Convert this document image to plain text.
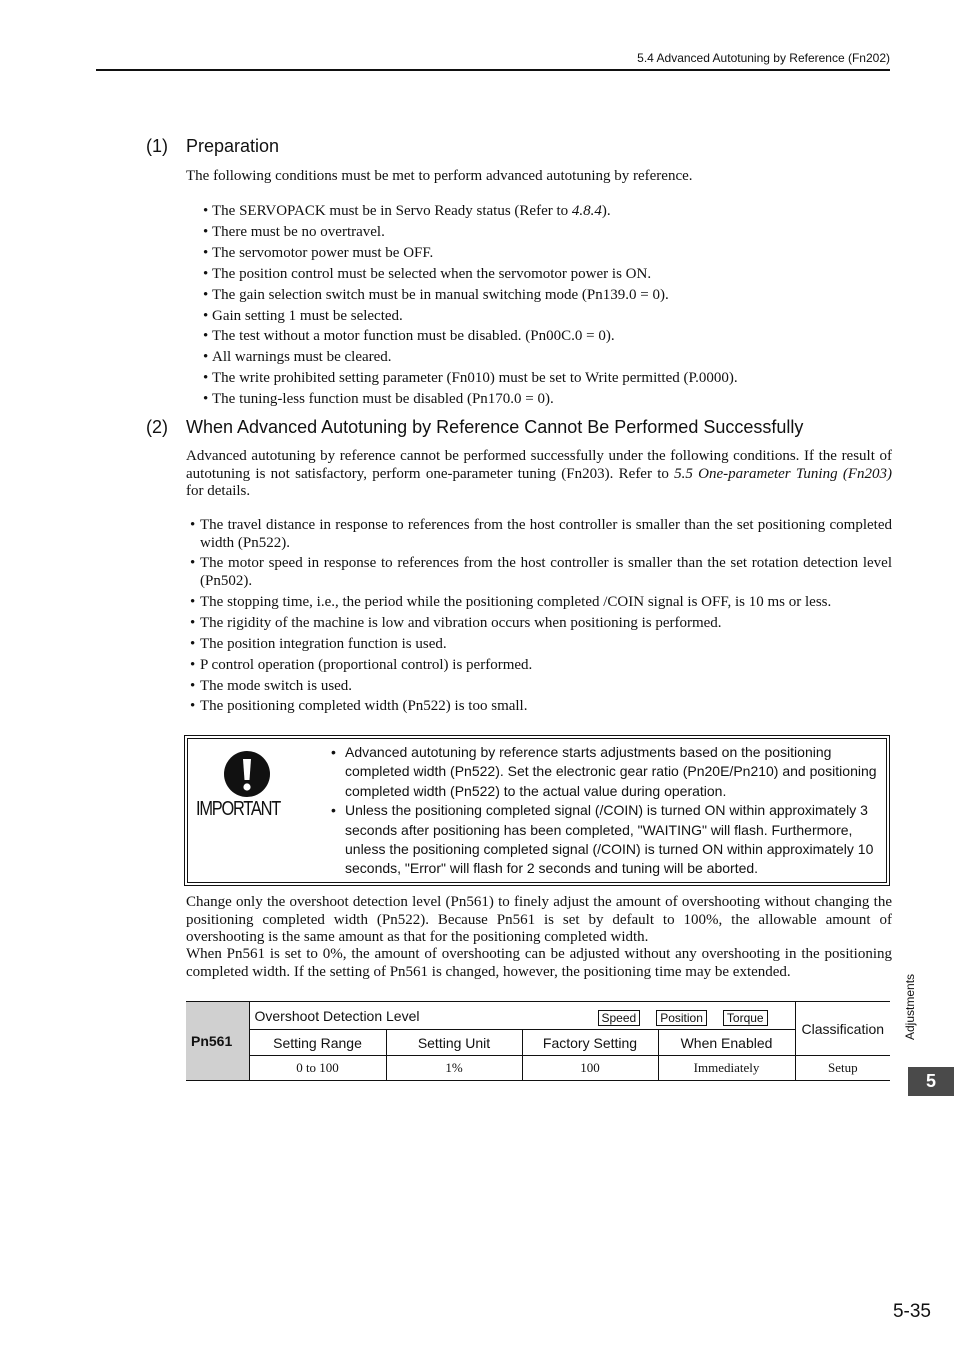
5.4 Advanced Autotuning by Reference (Fn202)
(1) Preparation

The following conditions must be met to perform advanced autotuning by reference.

• The SERVOPACK must be in Servo Ready status (Refer to 4.8.4).
• There must be no overtravel.
• The servomotor power must be OFF.
• The position control must be selected when the servomotor power is ON.
• The gain selection switch must be in manual switching mode (Pn139.0 = 0).
• Gain setting 1 must be selected.
• The test without a motor function must be disabled. (Pn00C.0 = 0).
• All warnings must be cleared.
• The write prohibited setting parameter (Fn010) must be set to Write permitted (P.0000).
• The tuning-less function must be disabled (Pn170.0 = 0).
(2) When Advanced Autotuning by Reference Cannot Be Performed Successfully

Advanced autotuning by reference cannot be performed successfully under the following conditions. If the result of autotuning is not satisfactory, perform one-parameter tuning (Fn203). Refer to 5.5 One-parameter Tuning (Fn203) for details.

• The travel distance in response to references from the host controller is smaller than the set positioning completed width (Pn522).
• The motor speed in response to references from the host controller is smaller than the set rotation detection level (Pn502).
• The stopping time, i.e., the period while the positioning completed /COIN signal is OFF, is 10 ms or less.
• The rigidity of the machine is low and vibration occurs when positioning is performed.
• The position integration function is used.
• P control operation (proportional control) is performed.
• The mode switch is used.
• The positioning completed width (Pn522) is too small.
IMPORTANT
• Advanced autotuning by reference starts adjustments based on the positioning completed width (Pn522). Set the electronic gear ratio (Pn20E/Pn210) and positioning completed width (Pn522) to the actual value during operation.
• Unless the positioning completed signal (/COIN) is turned ON within approximately 3 seconds after positioning has been completed, "WAITING" will flash. Furthermore, unless the positioning completed signal (/COIN) is turned ON within approximately 10 seconds, "Error" will flash for 2 seconds and tuning will be aborted.

Change only the overshoot detection level (Pn561) to finely adjust the amount of overshooting without changing the positioning completed width (Pn522). Because Pn561 is set by default to 100%, the allowable amount of overshooting is the same amount as that for the positioning completed width.

When Pn561 is set to 0%, the amount of overshooting can be adjusted without any overshooting in the positioning completed width. If the setting of Pn561 is changed, however, the positioning time may be extended.

Pn561	Overshoot Detection Level Speed Position Torque				Classification
	Setting Range	Setting Unit	Factory Setting	When Enabled	
	0 to 100	1%	100	Immediately	Setup
Adjustments
5
5-35
